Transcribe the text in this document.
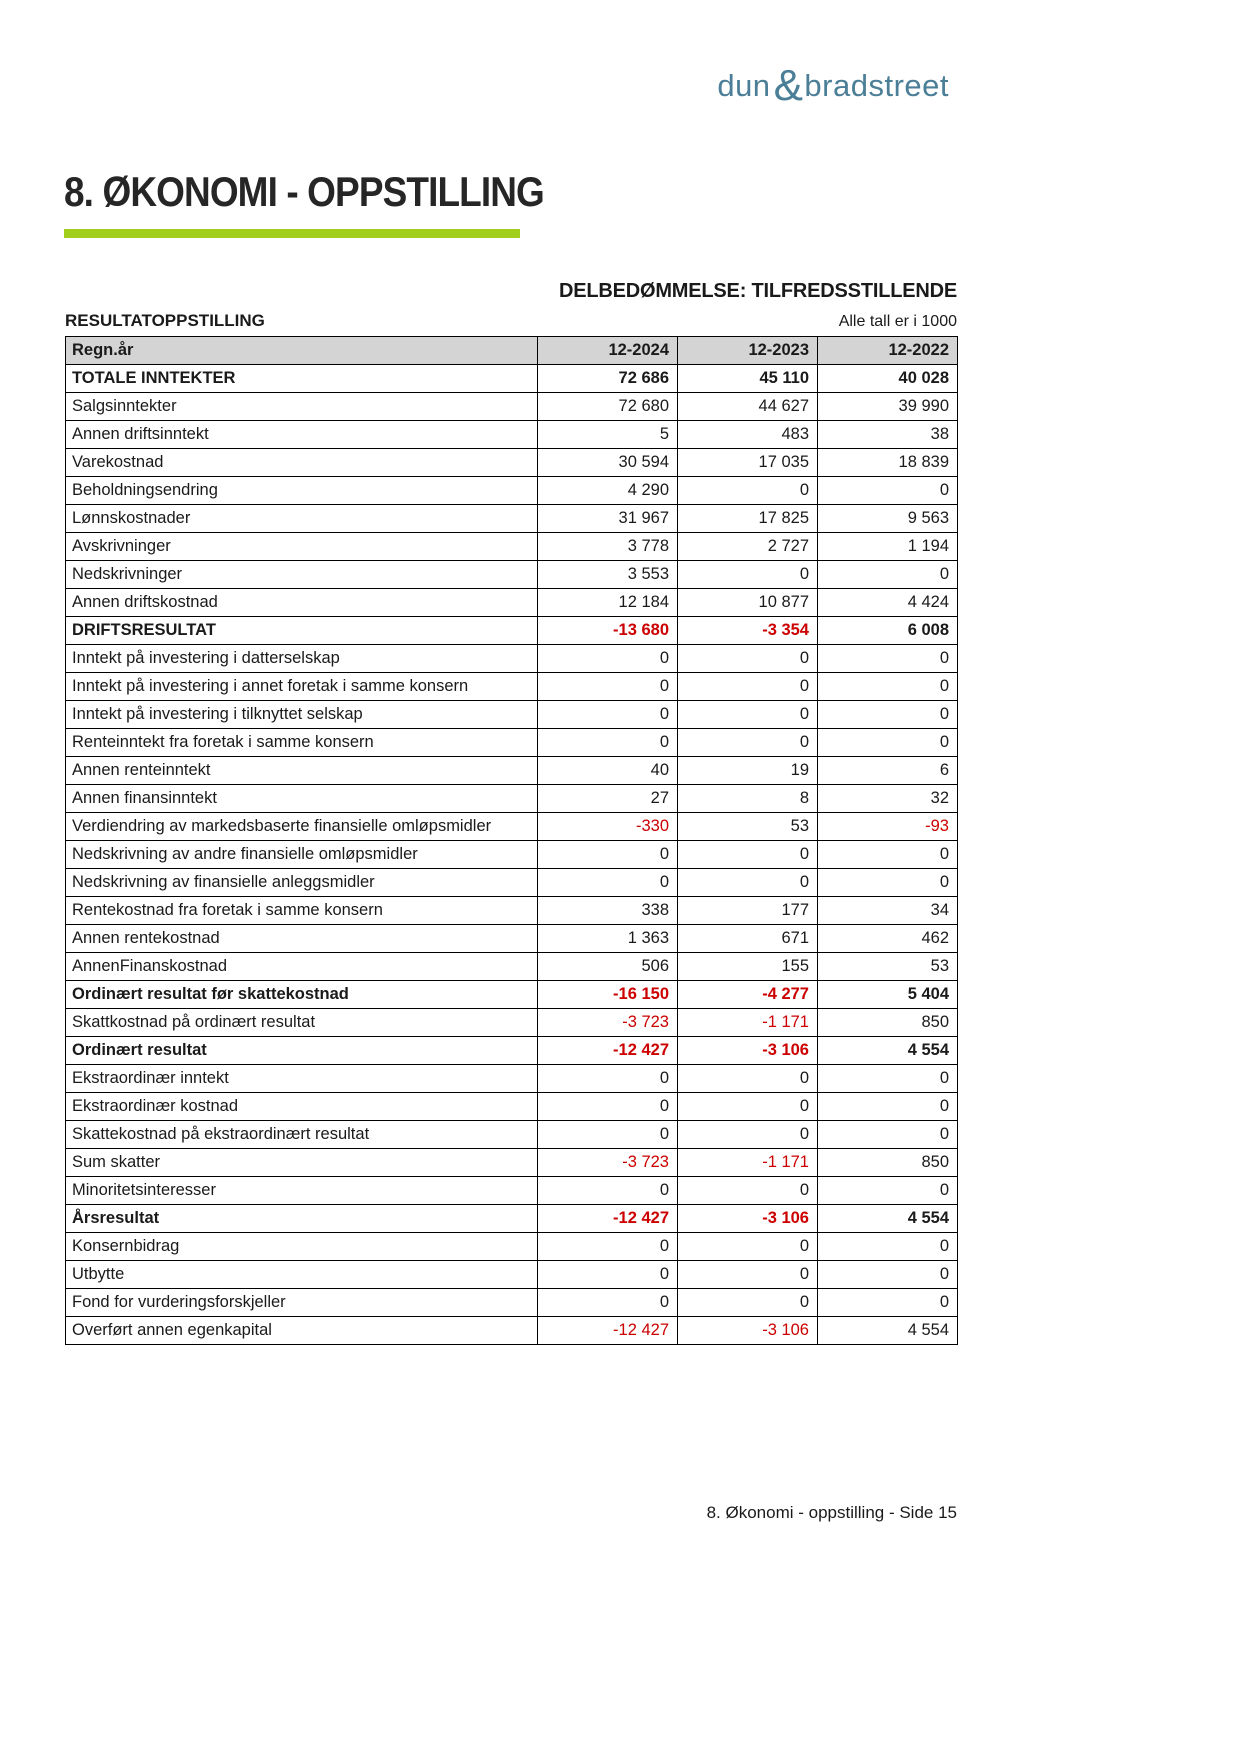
dun&bradstreet
8. ØKONOMI - OPPSTILLING
DELBEDØMMELSE: TILFREDSSTILLENDE
RESULTATOPPSTILLING	Alle tall er i 1000
Regn.år	12-2024	12-2023	12-2022
TOTALE INNTEKTER	72 686	45 110	40 028
Salgsinntekter	72 680	44 627	39 990
Annen driftsinntekt	5	483	38
Varekostnad	30 594	17 035	18 839
Beholdningsendring	4 290	0	0
Lønnskostnader	31 967	17 825	9 563
Avskrivninger	3 778	2 727	1 194
Nedskrivninger	3 553	0	0
Annen driftskostnad	12 184	10 877	4 424
DRIFTSRESULTAT	-13 680	-3 354	6 008
Inntekt på investering i datterselskap	0	0	0
Inntekt på investering i annet foretak i samme konsern	0	0	0
Inntekt på investering i tilknyttet selskap	0	0	0
Renteinntekt fra foretak i samme konsern	0	0	0
Annen renteinntekt	40	19	6
Annen finansinntekt	27	8	32
Verdiendring av markedsbaserte finansielle omløpsmidler	-330	53	-93
Nedskrivning av andre finansielle omløpsmidler	0	0	0
Nedskrivning av finansielle anleggsmidler	0	0	0
Rentekostnad fra foretak i samme konsern	338	177	34
Annen rentekostnad	1 363	671	462
AnnenFinanskostnad	506	155	53
Ordinært resultat før skattekostnad	-16 150	-4 277	5 404
Skattkostnad på ordinært resultat	-3 723	-1 171	850
Ordinært resultat	-12 427	-3 106	4 554
Ekstraordinær inntekt	0	0	0
Ekstraordinær kostnad	0	0	0
Skattekostnad på ekstraordinært resultat	0	0	0
Sum skatter	-3 723	-1 171	850
Minoritetsinteresser	0	0	0
Årsresultat	-12 427	-3 106	4 554
Konsernbidrag	0	0	0
Utbytte	0	0	0
Fond for vurderingsforskjeller	0	0	0
Overført annen egenkapital	-12 427	-3 106	4 554
8. Økonomi - oppstilling - Side 15
